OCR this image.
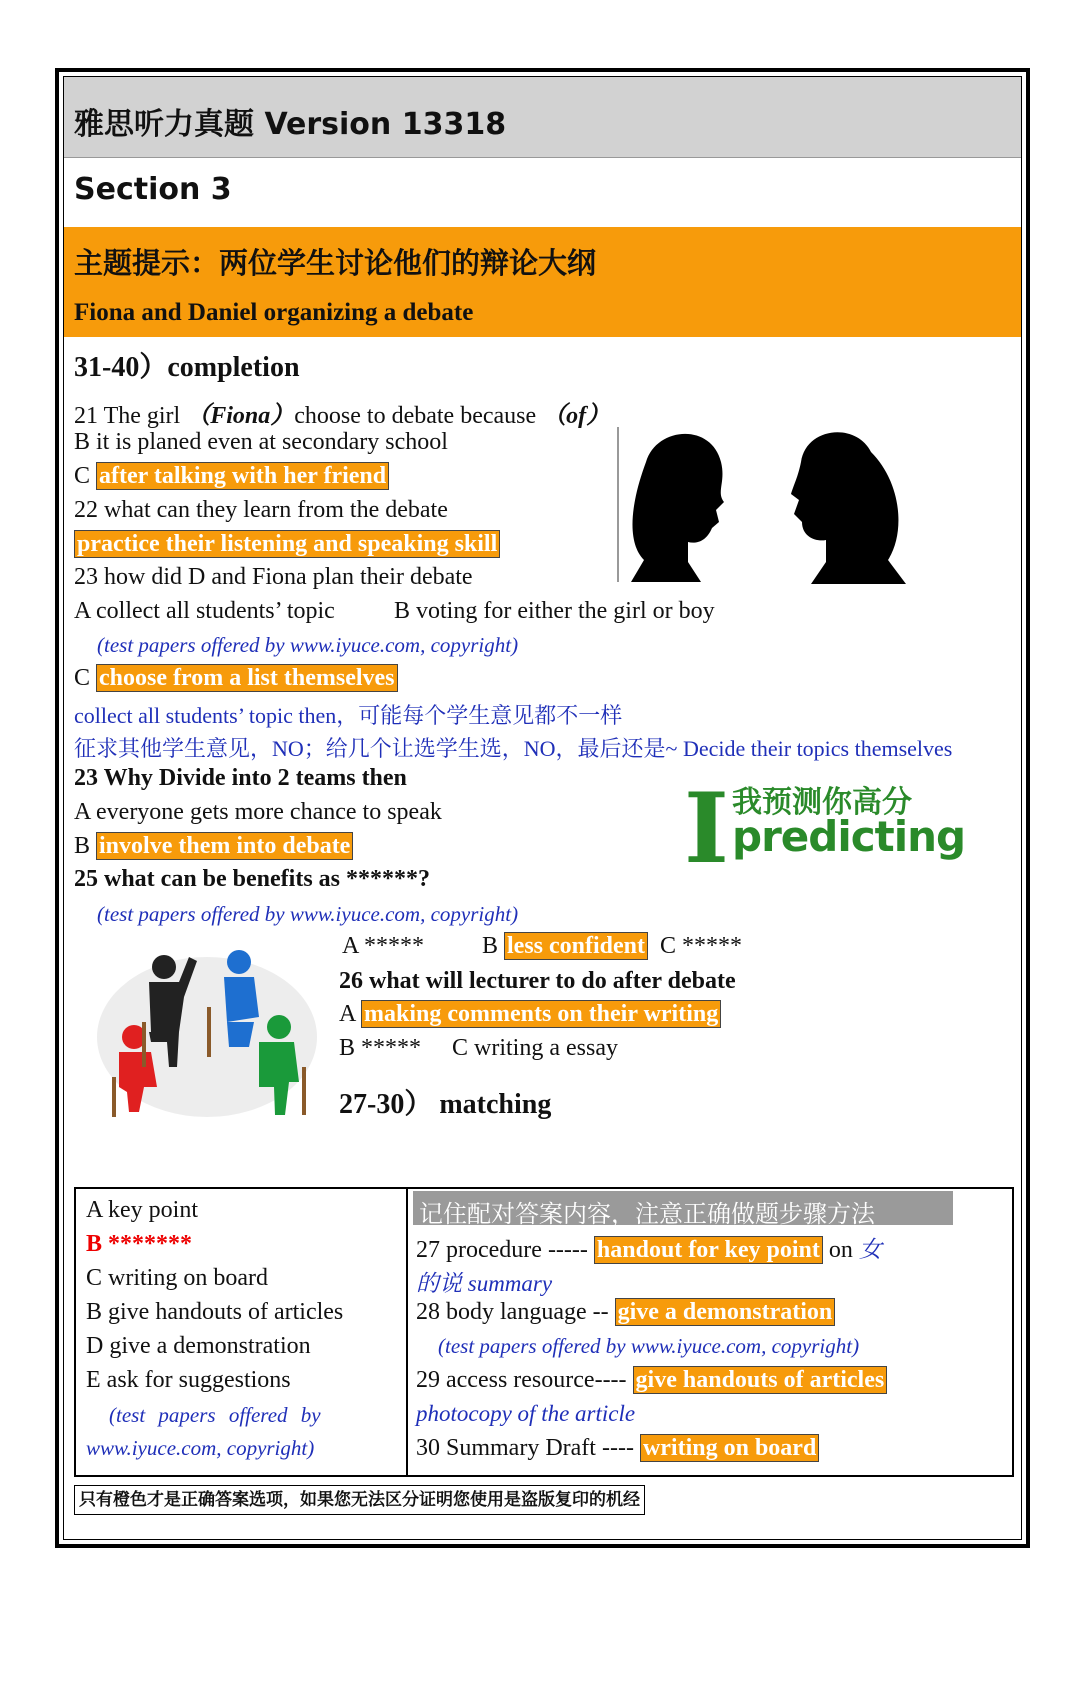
雅思听力真题 Version 13318
Section 3
主题提示：两位学生讨论他们的辩论大纲
Fiona and Daniel organizing a debate
31-40）completion
21 The girl （Fiona）choose to debate because （of）
B it is planed even at secondary school
C after talking with her friend
22 what can they learn from the debate
practice their listening and speaking skill
23 how did D and Fiona plan their debate
A collect all students’ topic B voting for either the girl or boy
(test papers offered by www.iyuce.com, copyright)
C choose from a list themselves
collect all students’ topic then，可能每个学生意见都不一样
征求其他学生意见，NO；给几个让选学生选，NO，最后还是~ Decide their topics themselves
23 Why Divide into 2 teams then
A everyone gets more chance to speak
B involve them into debate	I 我预测你高分
predicting
25 what can be benefits as ******?
(test papers offered by www.iyuce.com, copyright)
A ***** B less confident C *****
26 what will lecturer to do after debate
A making comments on their writing
B ***** C writing a essay
27-30） matching
A key point
B *******
C writing on board
B give handouts of articles
D give a demonstration
E ask for suggestions
(test papers offered by
www.iyuce.com, copyright)
记住配对答案内容，注意正确做题步骤方法
27 procedure ----- handout for key point on 女
的说 summary
28 body language -- give a demonstration
(test papers offered by www.iyuce.com, copyright)
29 access resource---- give handouts of articles
photocopy of the article
30 Summary Draft ---- writing on board
只有橙色才是正确答案选项，如果您无法区分证明您使用是盗版复印的机经
